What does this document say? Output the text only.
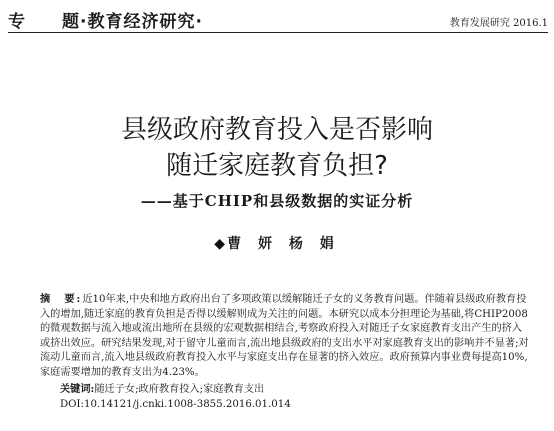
专　　题·教育经济研究·	教育发展研究 2016.1
县级政府教育投入是否影响
随迁家庭教育负担?
——基于CHIP和县级数据的实证分析
◆ 曹 妍 杨 娟
摘　要:近10年来,中央和地方政府出台了多项政策以缓解随迁子女的义务教育问题。伴随着县级政府教育投入的增加,随迁家庭的教育负担是否得以缓解则成为关注的问题。本研究以成本分担理论为基础,将CHIP2008的微观数据与流入地或流出地所在县级的宏观数据相结合,考察政府投入对随迁子女家庭教育支出产生的挤入或挤出效应。研究结果发现,对于留守儿童而言,流出地县级政府的支出水平对家庭教育支出的影响并不显著;对流动儿童而言,流入地县级政府教育投入水平与家庭支出存在显著的挤入效应。政府预算内事业费每提高10%,家庭需要增加的教育支出为4.23%。
关键词:随迁子女;政府教育投入;家庭教育支出
DOI:10.14121/j.cnki.1008-3855.2016.01.014
